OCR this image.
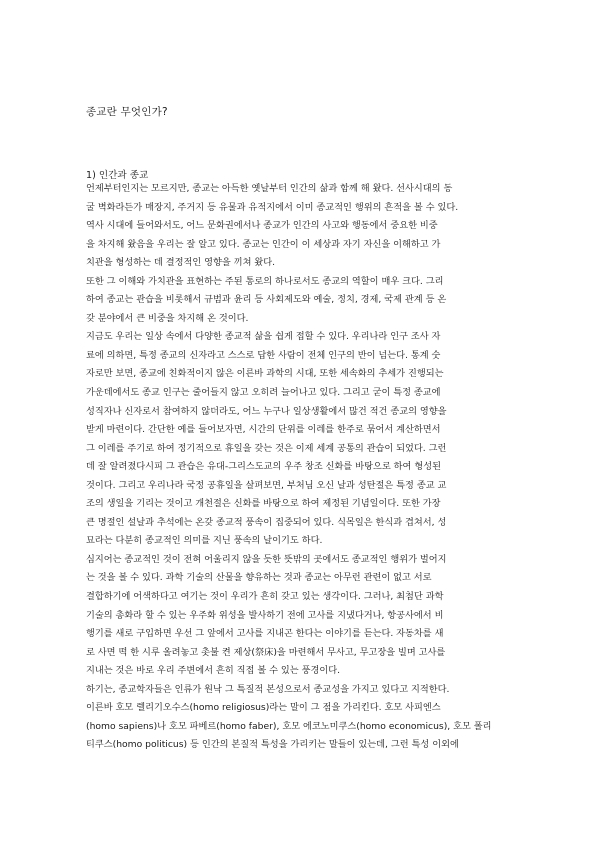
종교란 무엇인가?
1) 인간과 종교
언제부터인지는 모르지만, 종교는 아득한 옛날부터 인간의 삶과 함께 해 왔다. 선사시대의 동
굴 벽화라든가 매장지, 주거지 등 유물과 유적지에서 이미 종교적인 행위의 흔적을 볼 수 있다.
역사 시대에 들어와서도, 어느 문화권에서나 종교가 인간의 사고와 행동에서 중요한 비중
을 차지해 왔음을 우리는 잘 알고 있다. 종교는 인간이 이 세상과 자기 자신을 이해하고 가
치관을 형성하는 데 결정적인 영향을 끼쳐 왔다.
또한 그 이해와 가치관을 표현하는 주된 통로의 하나로서도 종교의 역할이 매우 크다. 그리
하여 종교는 관습을 비롯해서 규범과 윤리 등 사회제도와 예술, 정치, 경제, 국제 관계 등 온
갖 분야에서 큰 비중을 차지해 온 것이다.
지금도 우리는 일상 속에서 다양한 종교적 삶을 쉽게 접할 수 있다. 우리나라 인구 조사 자
료에 의하면, 특정 종교의 신자라고 스스로 답한 사람이 전체 인구의 반이 넘는다. 통계 숫
자로만 보면, 종교에 친화적이지 않은 이른바 과학의 시대, 또한 세속화의 추세가 진행되는
가운데에서도 종교 인구는 줄어들지 않고 오히려 늘어나고 있다. 그리고 굳이 특정 종교에
성직자나 신자로서 참여하지 않더라도, 어느 누구나 일상생활에서 많건 적건 종교의 영향을
받게 마련이다. 간단한 예를 들어보자면, 시간의 단위를 이레를 한주로 묶어서 계산하면서
그 이레를 주기로 하여 정기적으로 휴일을 갖는 것은 이제 세계 공통의 관습이 되었다. 그런
데 잘 알려졌다시피 그 관습은 유대-그리스도교의 우주 창조 신화를 바탕으로 하여 형성된
것이다. 그리고 우리나라 국정 공휴일을 살펴보면, 부처님 오신 날과 성탄절은 특정 종교 교
조의 생일을 기리는 것이고 개천절은 신화를 바탕으로 하여 제정된 기념일이다. 또한 가장
큰 명절인 설날과 추석에는 온갖 종교적 풍속이 집중되어 있다. 식목일은 한식과 겹쳐서, 성
묘라는 다분히 종교적인 의미를 지닌 풍속의 날이기도 하다.
심지어는 종교적인 것이 전혀 어울리지 않을 듯한 뜻밖의 곳에서도 종교적인 행위가 벌어지
는 것을 볼 수 있다. 과학 기술의 산물을 향유하는 것과 종교는 아무런 관련이 없고 서로
결합하기에 어색하다고 여기는 것이 우리가 흔히 갖고 있는 생각이다. 그러나, 최첨단 과학
기술의 총화라 할 수 있는 우주화 위성을 발사하기 전에 고사를 지냈다거나, 항공사에서 비
행기를 새로 구입하면 우선 그 앞에서 고사를 지내곤 한다는 이야기를 듣는다. 자동차를 새
로 사면 떡 한 시루 올려놓고 촛불 켠 제상(祭床)을 마련해서 무사고, 무고장을 빌며 고사를
지내는 것은 바로 우리 주변에서 흔히 직접 볼 수 있는 풍경이다.
하기는, 종교학자들은 인류가 원낙 그 특질적 본성으로서 종교성을 가지고 있다고 지적한다.
이른바 호모 렐리기오수스(homo religiosus)라는 말이 그 점을 가리킨다. 호모 사피엔스
(homo sapiens)나 호모 파베르(homo faber), 호모 에코노미쿠스(homo economicus), 호모 폴리
티쿠스(homo politicus) 등 인간의 본질적 특성을 가리키는 말들이 있는데, 그런 특성 이외에
